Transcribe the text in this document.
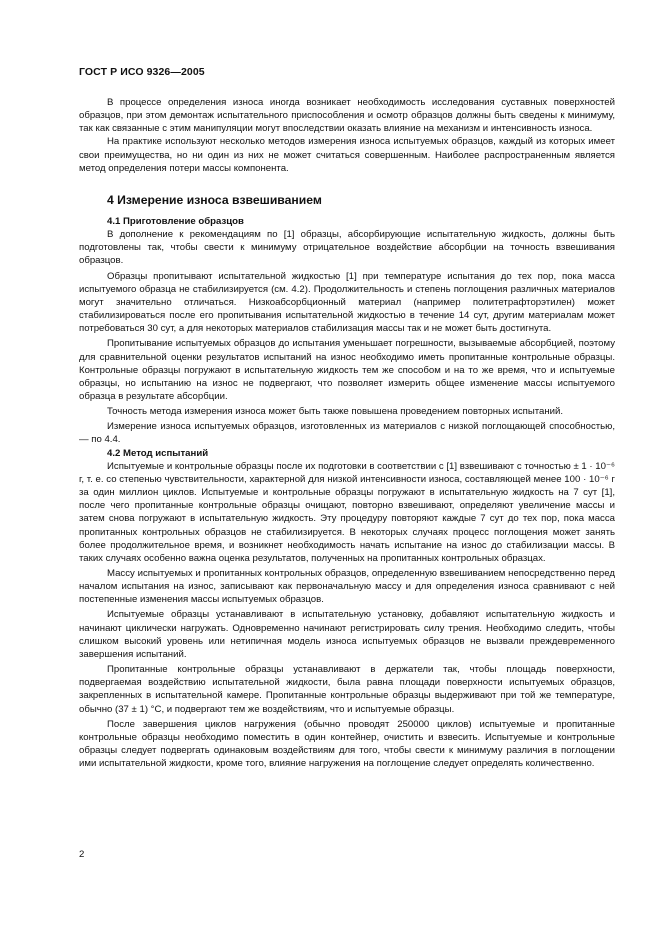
ГОСТ Р ИСО 9326—2005

В процессе определения износа иногда возникает необходимость исследования суставных поверхностей образцов, при этом демонтаж испытательного приспособления и осмотр образцов должны быть сведены к минимуму, так как связанные с этим манипуляции могут впоследствии оказать влияние на механизм и интенсивность износа.

На практике используют несколько методов измерения износа испытуемых образцов, каждый из которых имеет свои преимущества, но ни один из них не может считаться совершенным. Наиболее распространенным является метод определения потери массы компонента.

4 Измерение износа взвешиванием
4.1 Приготовление образцов

В дополнение к рекомендациям по [1] образцы, абсорбирующие испытательную жидкость, должны быть подготовлены так, чтобы свести к минимуму отрицательное воздействие абсорбции на точность взвешивания образцов.

Образцы пропитывают испытательной жидкостью [1] при температуре испытания до тех пор, пока масса испытуемого образца не стабилизируется (см. 4.2). Продолжительность и степень поглощения различных материалов могут значительно отличаться. Низкоабсорбционный материал (например политетрафторэтилен) может стабилизироваться после его пропитывания испытательной жидкостью в течение 14 сут, другим материалам может потребоваться 30 сут, а для некоторых материалов стабилизация массы так и не может быть достигнута.

Пропитывание испытуемых образцов до испытания уменьшает погрешности, вызываемые абсорбцией, поэтому для сравнительной оценки результатов испытаний на износ необходимо иметь пропитанные контрольные образцы. Контрольные образцы погружают в испытательную жидкость тем же способом и на то же время, что и испытуемые образцы, но испытанию на износ не подвергают, что позволяет измерить общее изменение массы испытуемого образца в результате абсорбции.

Точность метода измерения износа может быть также повышена проведением повторных испытаний.

Измерение износа испытуемых образцов, изготовленных из материалов с низкой поглощающей способностью, — по 4.4.

4.2 Метод испытаний

Испытуемые и контрольные образцы после их подготовки в соответствии с [1] взвешивают с точностью ± 1 · 10⁻⁶ г, т. е. со степенью чувствительности, характерной для низкой интенсивности износа, составляющей менее 100 · 10⁻⁶ г за один миллион циклов. Испытуемые и контрольные образцы погружают в испытательную жидкость на 7 сут [1], после чего пропитанные контрольные образцы очищают, повторно взвешивают, определяют увеличение массы и затем снова погружают в испытательную жидкость. Эту процедуру повторяют каждые 7 сут до тех пор, пока масса пропитанных контрольных образцов не стабилизируется. В некоторых случаях процесс поглощения может занять более продолжительное время, и возникнет необходимость начать испытание на износ до стабилизации массы. В таких случаях особенно важна оценка результатов, полученных на пропитанных контрольных образцах.

Массу испытуемых и пропитанных контрольных образцов, определенную взвешиванием непосредственно перед началом испытания на износ, записывают как первоначальную массу и для определения износа сравнивают с ней постепенные изменения массы испытуемых образцов.

Испытуемые образцы устанавливают в испытательную установку, добавляют испытательную жидкость и начинают циклически нагружать. Одновременно начинают регистрировать силу трения. Необходимо следить, чтобы слишком высокий уровень или нетипичная модель износа испытуемых образцов не вызвали преждевременного завершения испытаний.

Пропитанные контрольные образцы устанавливают в держатели так, чтобы площадь поверхности, подвергаемая воздействию испытательной жидкости, была равна площади поверхности испытуемых образцов, закрепленных в испытательной камере. Пропитанные контрольные образцы выдерживают при той же температуре, обычно (37 ± 1) °С, и подвергают тем же воздействиям, что и испытуемые образцы.

После завершения циклов нагружения (обычно проводят 250000 циклов) испытуемые и пропитанные контрольные образцы необходимо поместить в один контейнер, очистить и взвесить. Испытуемые и контрольные образцы следует подвергать одинаковым воздействиям для того, чтобы свести к минимуму различия в поглощении ими испытательной жидкости, кроме того, влияние нагружения на поглощение следует определять количественно.

2
